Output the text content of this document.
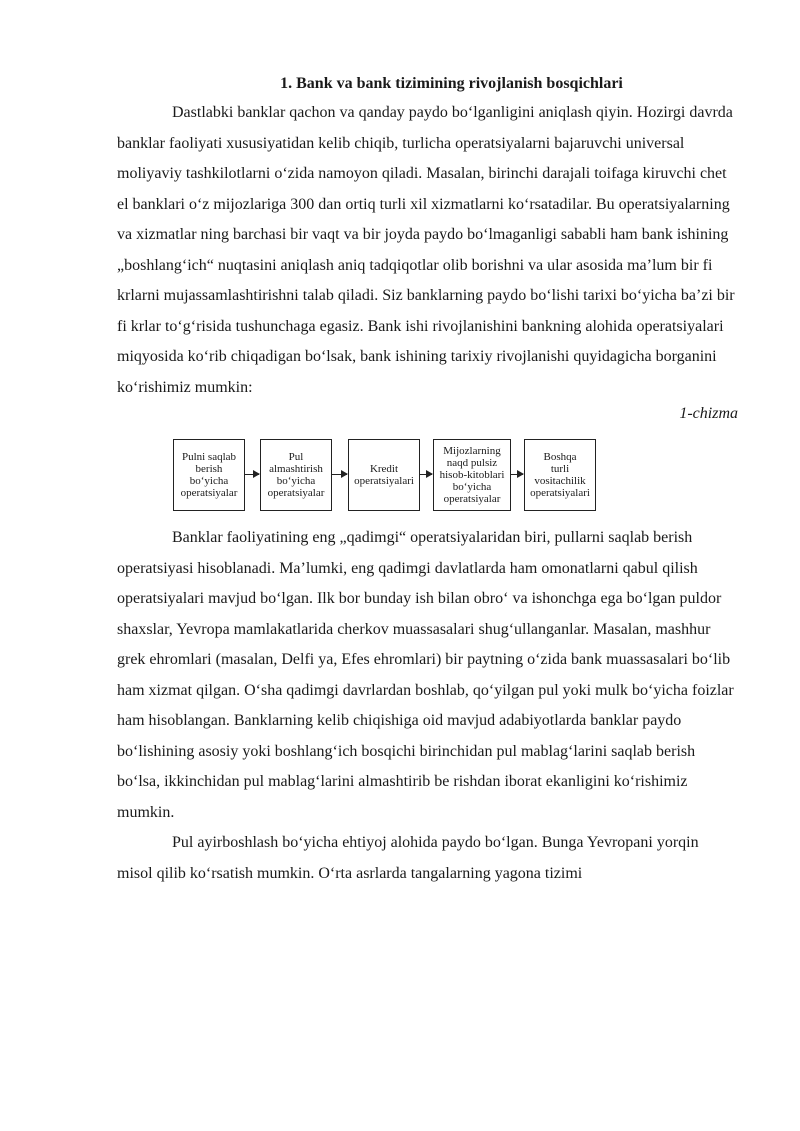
1. Bank va bank tizimining rivojlanish bosqichlari

Dastlabki banklar qachon va qanday paydo bo‘lganligini aniqlash qiyin. Hozirgi davrda banklar faoliyati xususiyatidan kelib chiqib, turlicha operatsiyalarni bajaruvchi universal moliyaviy tashkilotlarni o‘zida namoyon qiladi. Masalan, birinchi darajali toifaga kiruvchi chet el banklari o‘z mijozlariga 300 dan ortiq turli xil xizmatlarni ko‘rsatadilar. Bu operatsiyalarning va xizmatlar ning barchasi bir vaqt va bir joyda paydo bo‘lmaganligi sababli ham bank ishining „boshlang‘ich“ nuqtasini aniqlash aniq tadqiqotlar olib borishni va ular asosida ma’lum bir fi krlarni mujassamlashtirishni talab qiladi. Siz banklarning paydo bo‘lishi tarixi bo‘yicha ba’zi bir fi krlar to‘g‘risida tushunchaga egasiz. Bank ishi rivojlanishini bankning alohida operatsiyalari miqyosida ko‘rib chiqadigan bo‘lsak, bank ishining tarixiy rivojlanishi quyidagicha borganini ko‘rishimiz mumkin:

1-chizma
Pulni saqlab
berish
bo‘yicha
operatsiyalar
Pul
almashtirish
bo‘yicha
operatsiyalar
Kredit
operatsiyalari
Mijozlarning
naqd pulsiz
hisob-kitoblari
bo‘yicha
operatsiyalar
Boshqa
turli
vositachilik
operatsiyalari

Banklar faoliyatining eng „qadimgi“ operatsiyalaridan biri, pullarni saqlab berish operatsiyasi hisoblanadi. Ma’lumki, eng qadimgi davlatlarda ham omonatlarni qabul qilish operatsiyalari mavjud bo‘lgan. Ilk bor bunday ish bilan obro‘ va ishonchga ega bo‘lgan puldor shaxslar, Yevropa mamlakatlarida cherkov muassasalari shug‘ullanganlar. Masalan, mashhur grek ehromlari (masalan, Delfi ya, Efes ehromlari) bir paytning o‘zida bank muassasalari bo‘lib ham xizmat qilgan. O‘sha qadimgi davrlardan boshlab, qo‘yilgan pul yoki mulk bo‘yicha foizlar ham hisoblangan. Banklarning kelib chiqishiga oid mavjud adabiyotlarda banklar paydo bo‘lishining asosiy yoki boshlang‘ich bosqichi birinchidan pul mablag‘larini saqlab berish bo‘lsa, ikkinchidan pul mablag‘larini almashtirib be rishdan iborat ekanligini ko‘rishimiz mumkin.

Pul ayirboshlash bo‘yicha ehtiyoj alohida paydo bo‘lgan. Bunga Yevropani yorqin misol qilib ko‘rsatish mumkin. O‘rta asrlarda tangalarning yagona tizimi
